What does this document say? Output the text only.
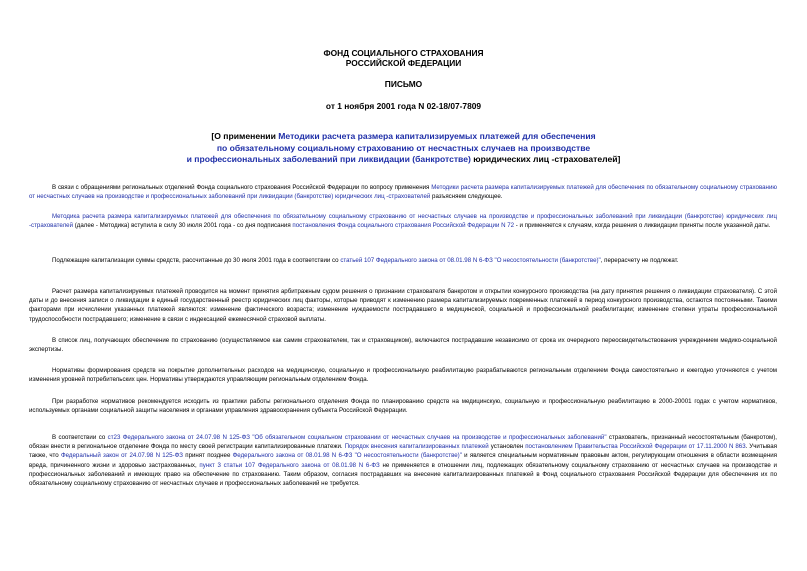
ФОНД СОЦИАЛЬНОГО СТРАХОВАНИЯ
РОССИЙСКОЙ ФЕДЕРАЦИИ
ПИСЬМО
от 1 ноября 2001 года N 02-18/07-7809
[О применении Методики расчета размера капитализируемых платежей для обеспечения
по обязательному социальному страхованию от несчастных случаев на производстве
и профессиональных заболеваний при ликвидации (банкротстве) юридических лиц -страхователей]
В связи с обращениями региональных отделений Фонда социального страхования Российской Федерации по вопросу применения Методики расчета размера капитализируемых платежей для обеспечения по обязательному социальному страхованию от несчастных случаев на производстве и профессиональных заболеваний при ликвидации (банкротстве) юридических лиц -страхователей разъясняем следующее.
Методика расчета размера капитализируемых платежей для обеспечения по обязательному социальному страхованию от несчастных случаев на производстве и профессиональных заболеваний при ликвидации (банкротстве) юридических лиц -страхователей (далее - Методика) вступила в силу 30 июля 2001 года - со дня подписания постановления Фонда социального страхования Российской Федерации N 72 - и применяется к случаям, когда решения о ликвидации приняты после указанной даты.
Подлежащие капитализации суммы средств, рассчитанные до 30 июля 2001 года в соответствии со статьей 107 Федерального закона от 08.01.98 N 6-ФЗ "О несостоятельности (банкротстве)", перерасчету не подлежат.
Расчет размера капитализируемых платежей проводится на момент принятия арбитражным судом решения о признании страхователя банкротом и открытии конкурсного производства (на дату принятия решения о ликвидации страхователя). С этой даты и до внесения записи о ликвидации в единый государственный реестр юридических лиц факторы, которые приводят к изменению размера капитализируемых повременных платежей в период конкурсного производства, остаются постоянными. Такими факторами при исчислении указанных платежей являются: изменение фактического возраста; изменение нуждаемости пострадавшего в медицинской, социальной и профессиональной реабилитации; изменение степени утраты профессиональной трудоспособности пострадавшего; изменение в связи с индексацией ежемесячной страховой выплаты.
В список лиц, получающих обеспечение по страхованию (осуществляемое как самим страхователем, так и страховщиком), включаются пострадавшие независимо от срока их очередного переосвидетельствования учреждением медико-социальной экспертизы.
Нормативы формирования средств на покрытие дополнительных расходов на медицинскую, социальную и профессиональную реабилитацию разрабатываются региональным отделением Фонда самостоятельно и ежегодно уточняются с учетом изменения уровней потребительских цен. Нормативы утверждаются управляющим региональным отделением Фонда.
При разработке нормативов рекомендуется исходить из практики работы регионального отделения Фонда по планированию средств на медицинскую, социальную и профессиональную реабилитацию в 2000-20001 годах с учетом нормативов, используемых органами социальной защиты населения и органами управления здравоохранения субъекта Российской Федерации.
В соответствии со ст23 Федерального закона от 24.07.98 N 125-ФЗ "Об обязательном социальном страховании от несчастных случаев на производстве и профессиональных заболеваний" страхователь, признанный несостоятельным (банкротом), обязан внести в региональное отделение Фонда по месту своей регистрации капитализированные платежи. Порядок внесения капитализированных платежей установлен постановлением Правительства Российской Федерации от 17.11.2000 N 863. Учитывая также, что Федеральный закон от 24.07.98 N 125-ФЗ принят позднее Федерального закона от 08.01.98 N 6-ФЗ "О несостоятельности (банкротстве)" и является специальным нормативным правовым актом, регулирующим отношения в области возмещения вреда, причиненного жизни и здоровью застрахованных, пункт 3 статьи 107 Федерального закона от 08.01.98 N 6-ФЗ не применяется в отношении лиц, подлежащих обязательному социальному страхованию от несчастных случаев на производстве и профессиональных заболеваний и имеющих право на обеспечение по страхованию. Таким образом, согласия пострадавших на внесение капитализированных платежей в Фонд социального страхования Российской Федерации для обеспечения их по обязательному социальному страхованию от несчастных случаев и профессиональных заболеваний не требуется.
